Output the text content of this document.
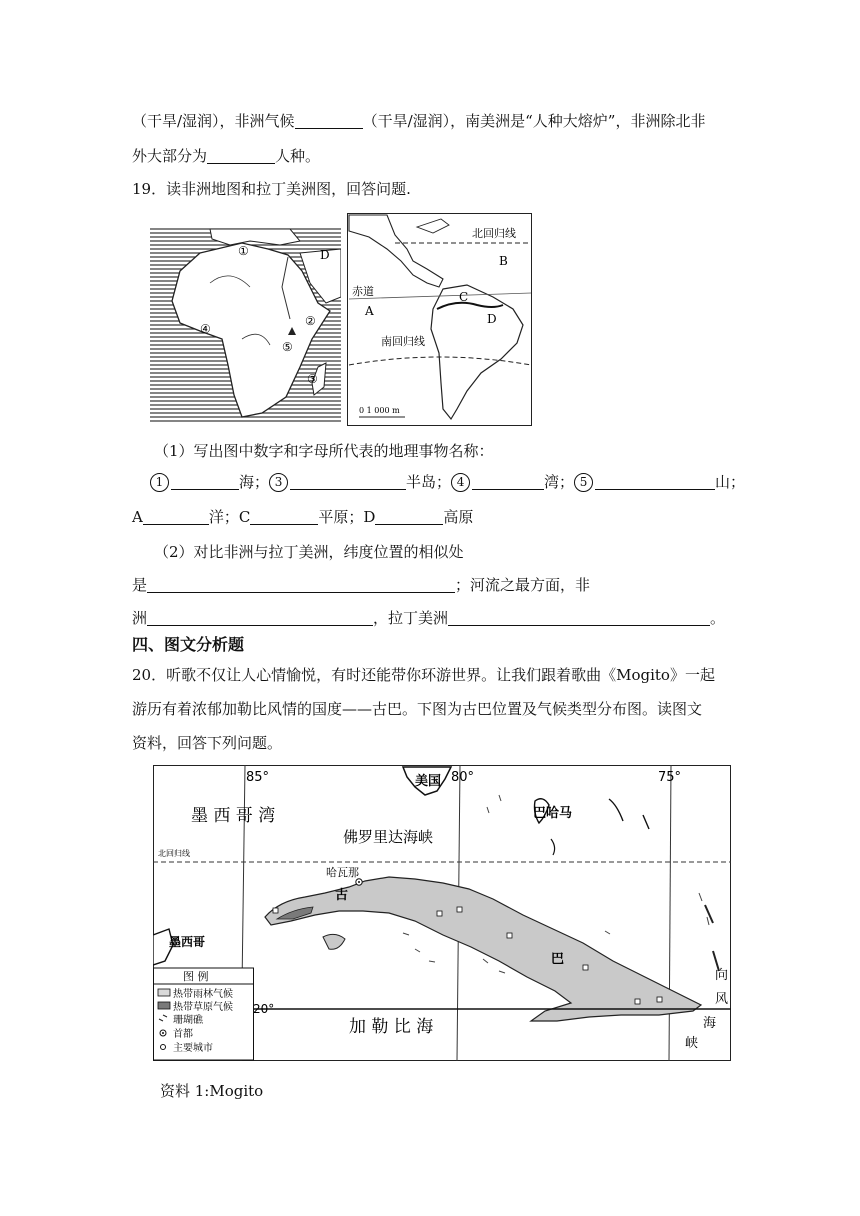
（干旱/湿润），非洲气候	（干旱/湿润），南美洲是“人种大熔炉”，非洲除北非
外大部分为	人种。
19．读非洲地图和拉丁美洲图，回答问题.
①
②
③
④
⑤
D
北回归线
赤道
南回归线
B
A
C
D
0 1 000 m
（1）写出图中数字和字母所代表的地理事物名称：
1	海； 3	半岛； 4	湾； 5	山；
A	洋；C	平原；D	高原
（2）对比非洲与拉丁美洲，纬度位置的相似处
是	；河流之最方面，非
洲	，拉丁美洲	。
四、图文分析题
20．听歌不仅让人心情愉悦，有时还能带你环游世界。让我们跟着歌曲《Mogito》一起
游历有着浓郁加勒比风情的国度——古巴。下图为古巴位置及气候类型分布图。读图文
资料，回答下列问题。
85°	80°	75°
美国
巴哈马
墨 西 哥 湾
佛罗里达海峡
北回归线
哈瓦那
古
巴
墨西哥
20°
加 勒 比 海
向
风
海
峡
图 例
热带雨林气候
热带草原气候
珊瑚礁
首都
主要城市
资料 1:Mogito
